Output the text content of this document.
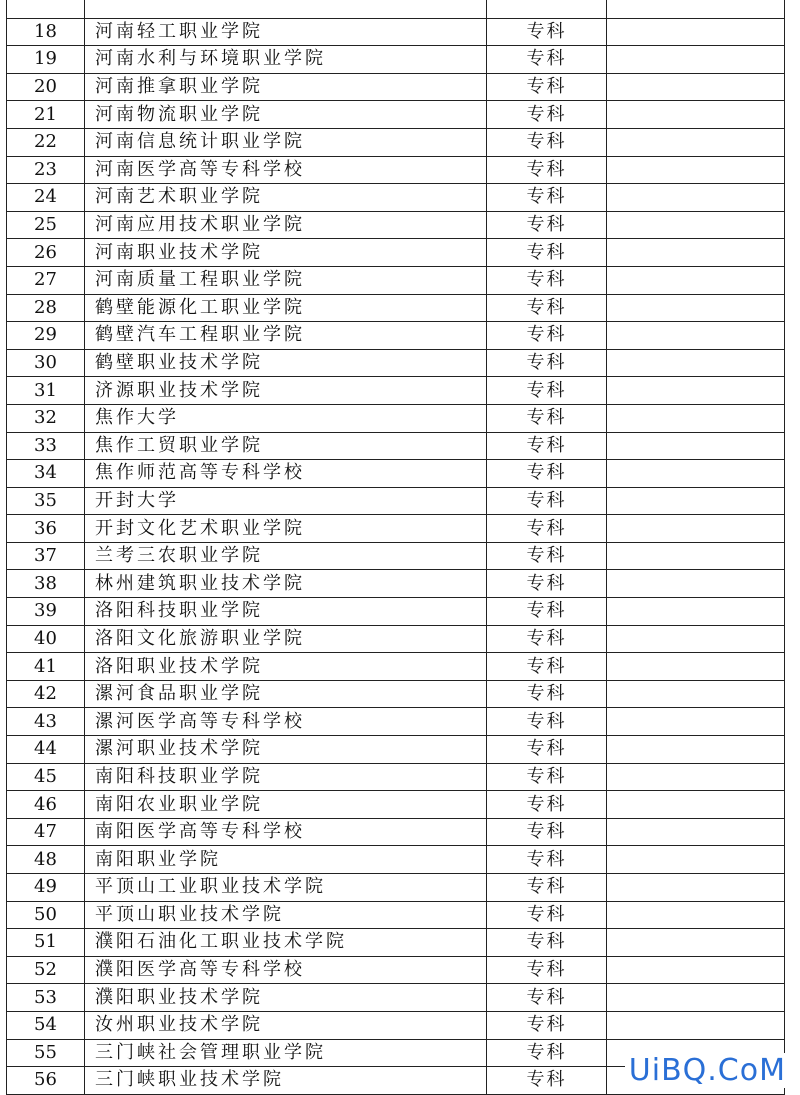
18	河南轻工职业学院	专科	
19	河南水利与环境职业学院	专科	
20	河南推拿职业学院	专科	
21	河南物流职业学院	专科	
22	河南信息统计职业学院	专科	
23	河南医学高等专科学校	专科	
24	河南艺术职业学院	专科	
25	河南应用技术职业学院	专科	
26	河南职业技术学院	专科	
27	河南质量工程职业学院	专科	
28	鹤壁能源化工职业学院	专科	
29	鹤壁汽车工程职业学院	专科	
30	鹤壁职业技术学院	专科	
31	济源职业技术学院	专科	
32	焦作大学	专科	
33	焦作工贸职业学院	专科	
34	焦作师范高等专科学校	专科	
35	开封大学	专科	
36	开封文化艺术职业学院	专科	
37	兰考三农职业学院	专科	
38	林州建筑职业技术学院	专科	
39	洛阳科技职业学院	专科	
40	洛阳文化旅游职业学院	专科	
41	洛阳职业技术学院	专科	
42	漯河食品职业学院	专科	
43	漯河医学高等专科学校	专科	
44	漯河职业技术学院	专科	
45	南阳科技职业学院	专科	
46	南阳农业职业学院	专科	
47	南阳医学高等专科学校	专科	
48	南阳职业学院	专科	
49	平顶山工业职业技术学院	专科	
50	平顶山职业技术学院	专科	
51	濮阳石油化工职业技术学院	专科	
52	濮阳医学高等专科学校	专科	
53	濮阳职业技术学院	专科	
54	汝州职业技术学院	专科	
55	三门峡社会管理职业学院	专科	
56	三门峡职业技术学院	专科	UiBQ.CoM
